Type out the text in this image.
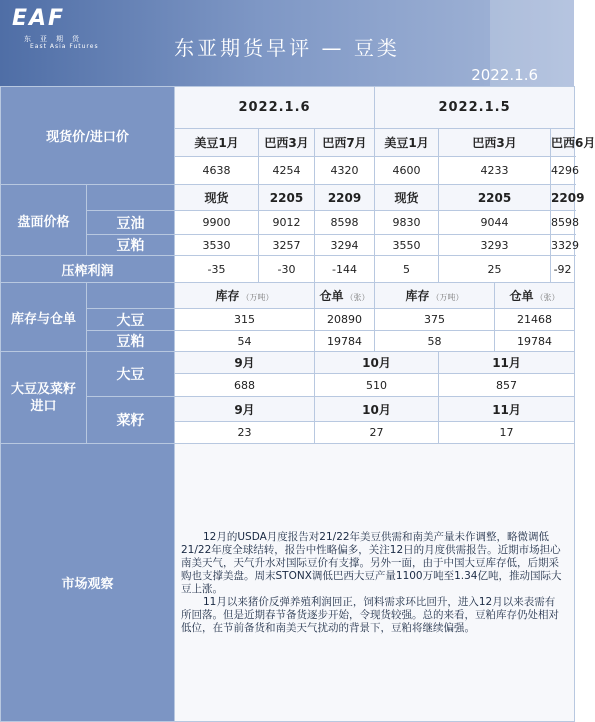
EAF
东亚期货
East Asia Futures	东亚期货早评 — 豆类
2022.1.6
现货价/进口价		2022.1.6			2022.1.5			
		美豆1月	巴西3月	巴西7月	美豆1月	巴西3月		巴西6月
		4638	4254	4320	4600	4233		4296
盘面价格		现货	2205	2209	现货	2205		2209
	豆油	9900	9012	8598	9830	9044		8598
	豆粕	3530	3257	3294	3550	3293		3329
压榨利润		-35	-30	-144	5	25		-92
库存与仓单		库存 （万吨）		仓单 （张）	库存 （万吨）		仓单 （张）	
	大豆	315		20890	375		21468	
	豆粕	54		19784	58		19784	
大豆及菜籽进口	大豆	9月		10月		11月		
		688		510		857		
	菜籽	9月		10月		11月		
		23		27		17		
市场观察		12月的USDA月度报告对21/22年美豆供需和南美产量未作调整，略微调低21/22年度全球结转，报告中性略偏多，关注12日的月度供需报告。近期市场担心南美天气，天气升水对国际豆价有支撑。另外一面，由于中国大豆库存低，后期采购也支撑美盘。周末STONX调低巴西大豆产量1100万吨至1.34亿吨，推动国际大豆上涨。

11月以来猪价反弹养殖利润回正，饲料需求环比回升，进入12月以来表需有所回落。但是近期春节备货逐步开始，令现货较强。总的来看，豆粕库存仍处相对低位，在节前备货和南美天气扰动的背景下，豆粕将继续偏强。						
